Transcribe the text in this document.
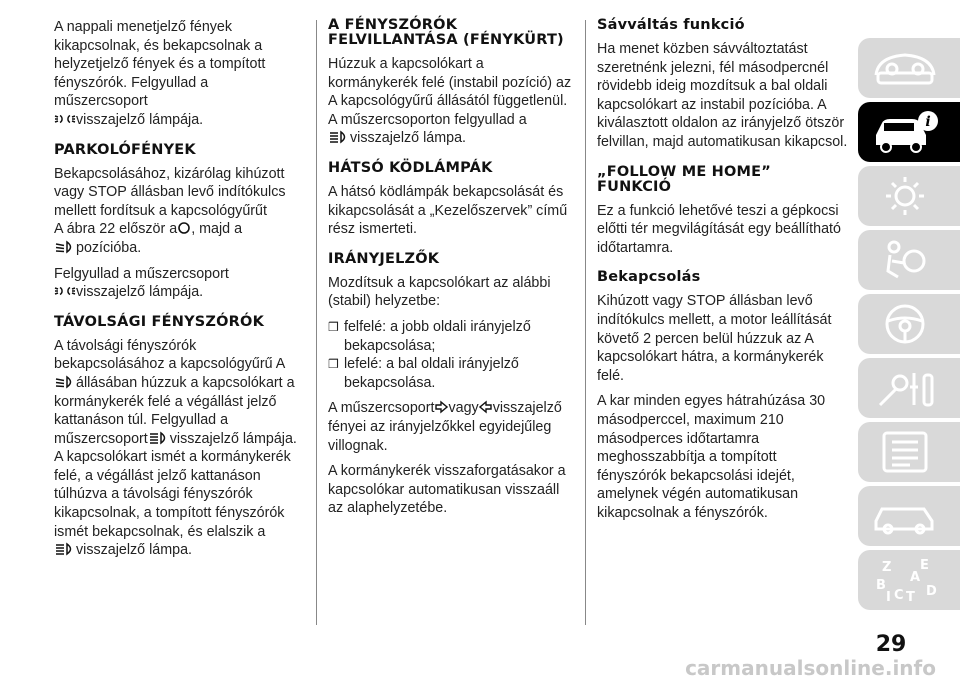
A nappali menetjelző fények kikapcsolnak, és bekapcsolnak a helyzetjelző fények és a tompított fényszórók. Felgyullad a műszercsoport

visszajelző lámpája.

PARKOLÓFÉNYEK

Bekapcsolásához, kizárólag kihúzott vagy STOP állásban levő indítókulcs mellett fordítsuk a kapcsológyűrűt
A ábra 22 először a , majd a

pozícióba.

Felgyullad a műszercsoport

visszajelző lámpája.

TÁVOLSÁGI FÉNYSZÓRÓK

A távolsági fényszórók bekapcsolásához a kapcsológyűrű A

állásában húzzuk a kapcsolókart a kormánykerék felé a végállást jelző kattanáson túl. Felgyullad a műszercsoport visszajelző lámpája. A kapcsolókart ismét a kormánykerék felé, a végállást jelző kattanáson túlhúzva a távolsági fényszórók kikapcsolnak, a tompított fényszórók ismét bekapcsolnak, és elalszik a

visszajelző lámpa.

A FÉNYSZÓRÓK FELVILLANTÁSA (FÉNYKÜRT)

Húzzuk a kapcsolókart a kormánykerék felé (instabil pozíció) az A kapcsológyűrű állásától függetlenül. A műszercsoporton felgyullad a

visszajelző lámpa.

HÁTSÓ KÖDLÁMPÁK

A hátsó ködlámpák bekapcsolását és kikapcsolását a „Kezelőszervek” című rész ismerteti.

IRÁNYJELZŐK

Mozdítsuk a kapcsolókart az alábbi (stabil) helyzetbe:

❒ felfelé: a jobb oldali irányjelző bekapcsolása;

❒ lefelé: a bal oldali irányjelző bekapcsolása.

A műszercsoport vagy visszajelző fényei az irányjelzőkkel egyidejűleg villognak.

A kormánykerék visszaforgatásakor a kapcsolókar automatikusan visszaáll az alaphelyzetébe.

Sávváltás funkció

Ha menet közben sávváltoztatást szeretnénk jelezni, fél másodpercnél rövidebb ideig mozdítsuk a bal oldali kapcsolókart az instabil pozícióba. A kiválasztott oldalon az irányjelző ötször felvillan, majd automatikusan kikapcsol.

„FOLLOW ME HOME” FUNKCIÓ

Ez a funkció lehetővé teszi a gépkocsi előtti tér megvilágítását egy beállítható időtartamra.

Bekapcsolás

Kihúzott vagy STOP állásban levő indítókulcs mellett, a motor leállítását követő 2 percen belül húzzuk az A kapcsolókart hátra, a kormánykerék felé.

A kar minden egyes hátrahúzása 30 másodperccel, maximum 210 másodperces időtartamra meghosszabbítja a tompított fényszórók bekapcsolási idejét, amelynek végén automatikusan kikapcsolnak a fényszórók.

i
Z E
B
A
C D
I T
29
carmanualsonline.info
